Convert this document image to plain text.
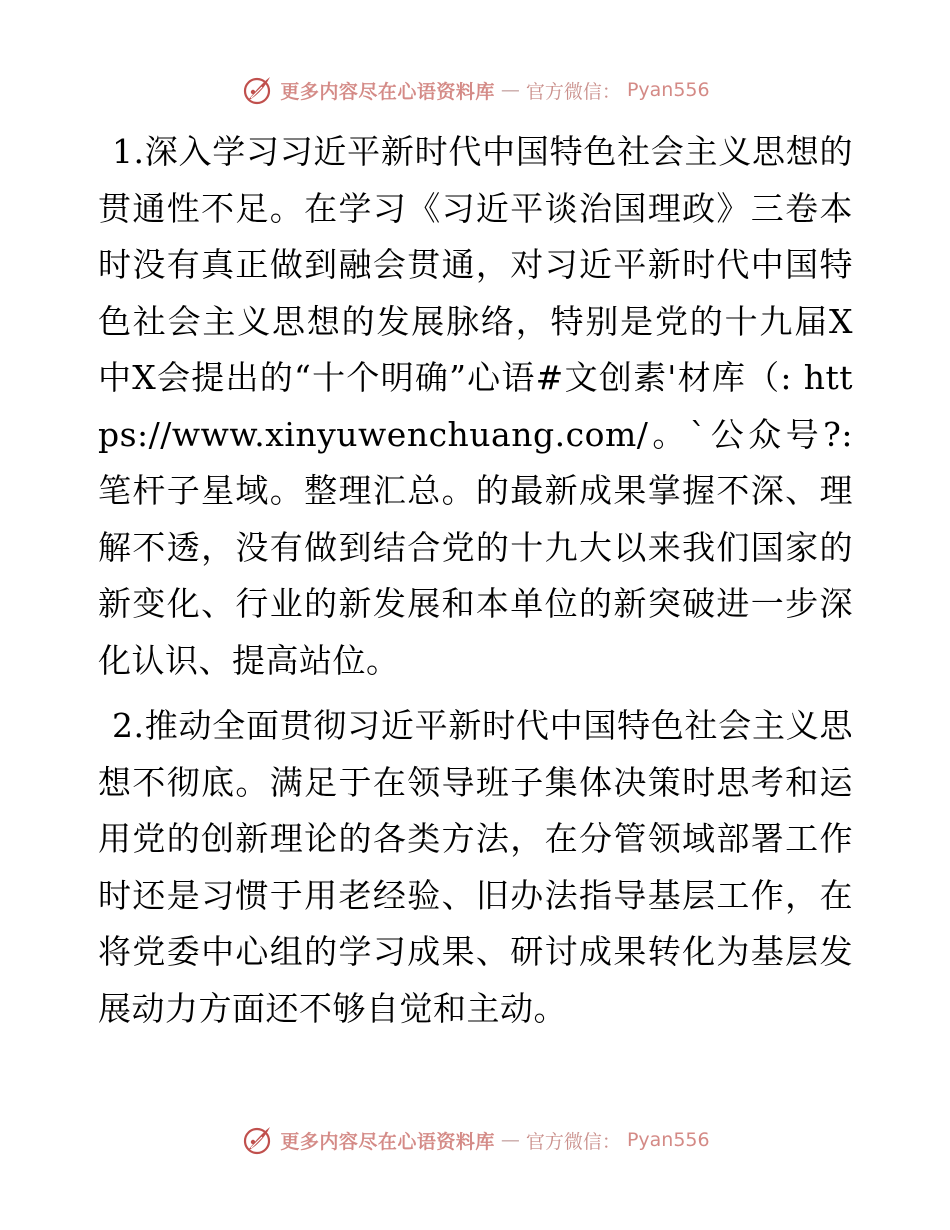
更多内容尽在心语资料库 — 官方微信： Pyan556

1.深入学习习近平新时代中国特色社会主义思想的贯通性不足。在学习《习近平谈治国理政》三卷本时没有真正做到融会贯通，对习近平新时代中国特色社会主义思想的发展脉络，特别是党的十九届X中X会提出的“十个明确”心语#文创素'材库（: https://www.xinyuwenchuang.com/。`公众号?: 笔杆子星域。整理汇总。的最新成果掌握不深、理解不透，没有做到结合党的十九大以来我们国家的新变化、行业的新发展和本单位的新突破进一步深化认识、提高站位。

2.推动全面贯彻习近平新时代中国特色社会主义思想不彻底。满足于在领导班子集体决策时思考和运用党的创新理论的各类方法，在分管领域部署工作时还是习惯于用老经验、旧办法指导基层工作，在将党委中心组的学习成果、研讨成果转化为基层发展动力方面还不够自觉和主动。

更多内容尽在心语资料库 — 官方微信： Pyan556
